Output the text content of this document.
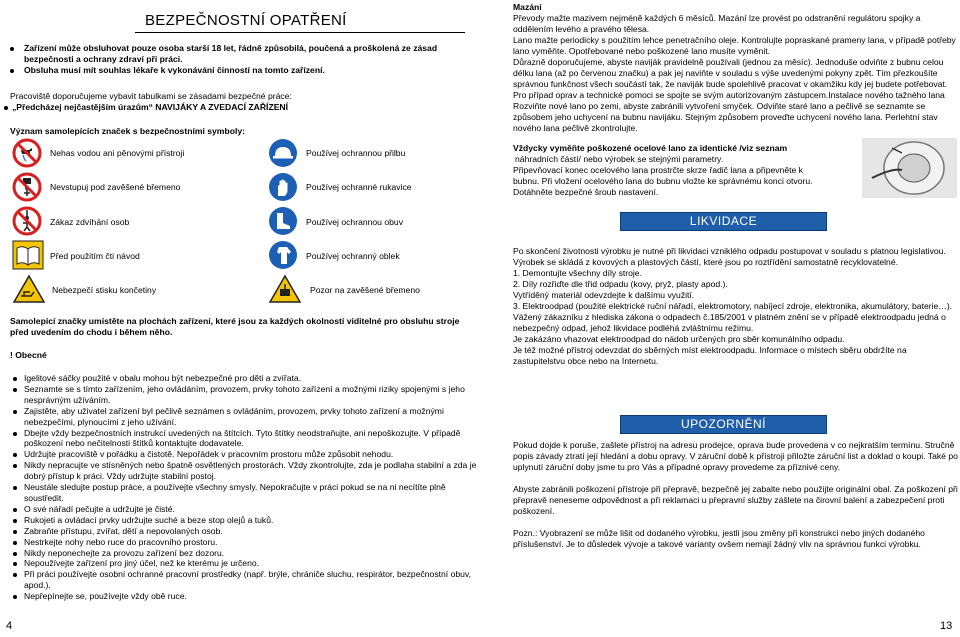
BEZPEČNOSTNÍ OPATŘENÍ
Zařízení může obsluhovat pouze osoba starší 18 let, řádně způsobilá, poučená a proškolená ze zásad bezpečnosti a ochrany zdraví při práci.
Obsluha musí mít souhlas lékaře k vykonávání činností na tomto zařízení.
Pracoviště doporučujeme vybavit tabulkami se zásadami bezpečné práce:
„Předcházej nejčastějším úrazům“ NAVIJÁKY A ZVEDACÍ ZAŘÍZENÍ
Význam samolepících značek s bezpečnostními symboly:
Nehas vodou ani pěnovými přístroji
Nevstupuj pod zavěšené břemeno
Zákaz zdvíhání osob
Před použitím čti návod
Nebezpečí stisku končetiny
Používej ochrannou přilbu
Používej ochranné rukavice
Používej ochrannou obuv
Používej ochranný oblek
Pozor na zavěšené břemeno
Samolepící značky umístěte na plochách zařízení, které jsou za každých okolností viditelné pro obsluhu stroje před uvedením do chodu i během něho.
! Obecné
Igelitové sáčky použité v obalu mohou být nebezpečné pro děti a zvířata.
Seznamte se s tímto zařízením, jeho ovládáním, provozem, prvky tohoto zařízení a možnými riziky spojenými s jeho nesprávným užíváním.
Zajistěte, aby uživatel zařízení byl pečlivě seznámen s ovládáním, provozem, prvky tohoto zařízení a možnými nebezpečími, plynoucími z jeho užívání.
Dbejte vždy bezpečnostních instrukcí uvedených na štítcích. Tyto štítky neodstraňujte, ani nepoškozujte. V případě poškození nebo nečitelnosti štítků kontaktujte dodavatele.
Udržujte pracoviště v pořádku a čistotě. Nepořádek v pracovním prostoru může způsobit nehodu.
Nikdy nepracujte ve stísněných nebo špatně osvětlených prostorách. Vždy zkontrolujte, zda je podlaha stabilní a zda je dobrý přístup k práci. Vždy udržujte stabilní postoj.
Neustále sledujte postup práce, a používejte všechny smysly. Nepokračujte v práci pokud se na ni necítíte plně soustředit.
O své nářadí pečujte a udržujte je čisté.
Rukojeti a ovládací prvky udržujte suché a beze stop olejů a tuků.
Zabraňte přístupu, zvířat, dětí a nepovolaných osob.
Nestrkejte nohy nebo ruce do pracovního prostoru.
Nikdy neponechejte za provozu zařízení bez dozoru.
Nepoužívejte zařízení pro jiný účel, než ke kterému je určeno.
Při práci používejte osobní ochranné pracovní prostředky (např. brýle, chrániče sluchu, respirátor, bezpečnostní obuv, apod.).
Nepřepínejte se, používejte vždy obě ruce.
4
Mazání
Převody mažte mazivem nejméně každých 6 měsíců. Mazání lze provést po odstranění regulátoru spojky a oddělením levého a pravého tělesa.
Lano mažte periodicky s použitím lehce penetračního oleje. Kontrolujte popraskané prameny lana, v případě potřeby lano vyměňte. Opotřebované nebo poškozené lano musíte vyměnit.
Důrazně doporučujeme, abyste naviják pravidelně používali (jednou za měsíc). Jednoduše odviňte z bubnu celou délku lana (až po červenou značku) a pak jej naviňte v souladu s výše uvedenými pokyny zpět. Tím přezkoušíte správnou funkčnost všech součástí tak, že naviják bude spolehlivě pracovat v okamžiku kdy jej budete potřebovat. Pro případ oprav a technické pomoci se spojte se svým autorizovaným zástupcem.Instalace nového tažného lana
Rozviňte nové lano po zemi, abyste zabránili vytvoření smyček. Odviňte staré lano a pečlivě se seznamte se způsobem jeho uchycení na bubnu navijáku. Stejným způsobem proveďte uchycení nového lana. Perlehtní stav nového lana pečlivě zkontrolujte.
Vždycky vyměňte poškozené ocelové lano za identické /viz seznam
náhradních částí/ nebo výrobek se stejnými parametry.
Připevňovací konec ocelového lana prostrčte skrze řadič lana a připevněte k
bubnu. Při vložení ocelového lana do bubnu vložte ke správnému konci otvoru.
Dotáhněte bezpečné šroub nastavení.
LIKVIDACE
Po skončení životnosti výrobku je nutné při likvidaci vzniklého odpadu postupovat v souladu s platnou legislativou. Výrobek se skládá z kovových a plastových částí, které jsou po roztřídění samostatně recyklovatelné.
1. Demontujte všechny díly stroje.
2. Díly rozřiďte dle třid odpadu (kovy, pryž, plasty apod.).
Vytříděný materiál odevzdejte k dalšímu využití.
3. Elektroodpad (použité elektrické ruční nářadí, elektromotory, nabíjecí zdroje, elektronika, akumulátory, baterie…).
Vážený zákazníku z hlediska zákona o odpadech č.185/2001 v platném znění se v případě elektroodpadu jedná o nebezpečný odpad, jehož likvidace podléhá zvláštnímu režimu.
Je zakázáno vhazovat elektroodpad do nádob určených pro sběr komunálního odpadu.
Je též možné přístroj odevzdat do sběrných míst elektroodpadu. Informace o místech sběru obdržíte na zastupitelstvu obce nebo na Internetu.
UPOZORNĚNÍ
Pokud dojde k poruše, zašlete přístroj na adresu prodejce, oprava bude provedena v co nejkratším termínu. Stručně popis závady ztratí její hledání a dobu opravy. V záruční době k přístroji přiložte záruční list a doklad o koupi. Také po uplynutí záruční doby jsme tu pro Vás a případné opravy provedeme za příznivé ceny.
Abyste zabránili poškození přístroje při přepravě, bezpečně jej zabalte nebo použijte originální obal. Za poškození při přepravě neneseme odpovědnost a při reklamaci u přepravní služby zášlete na čirovní balení a zabezpečení proti poškození.
Pozn.: Vyobrazení se může lišit od dodaného výrobku, jestli jsou změny při konstrukci nebo jiných dodaného příslušenství. Je to důsledek vývoje a takové varianty ovšem nemají žádný vliv na správnou funkci výrobku.
13
